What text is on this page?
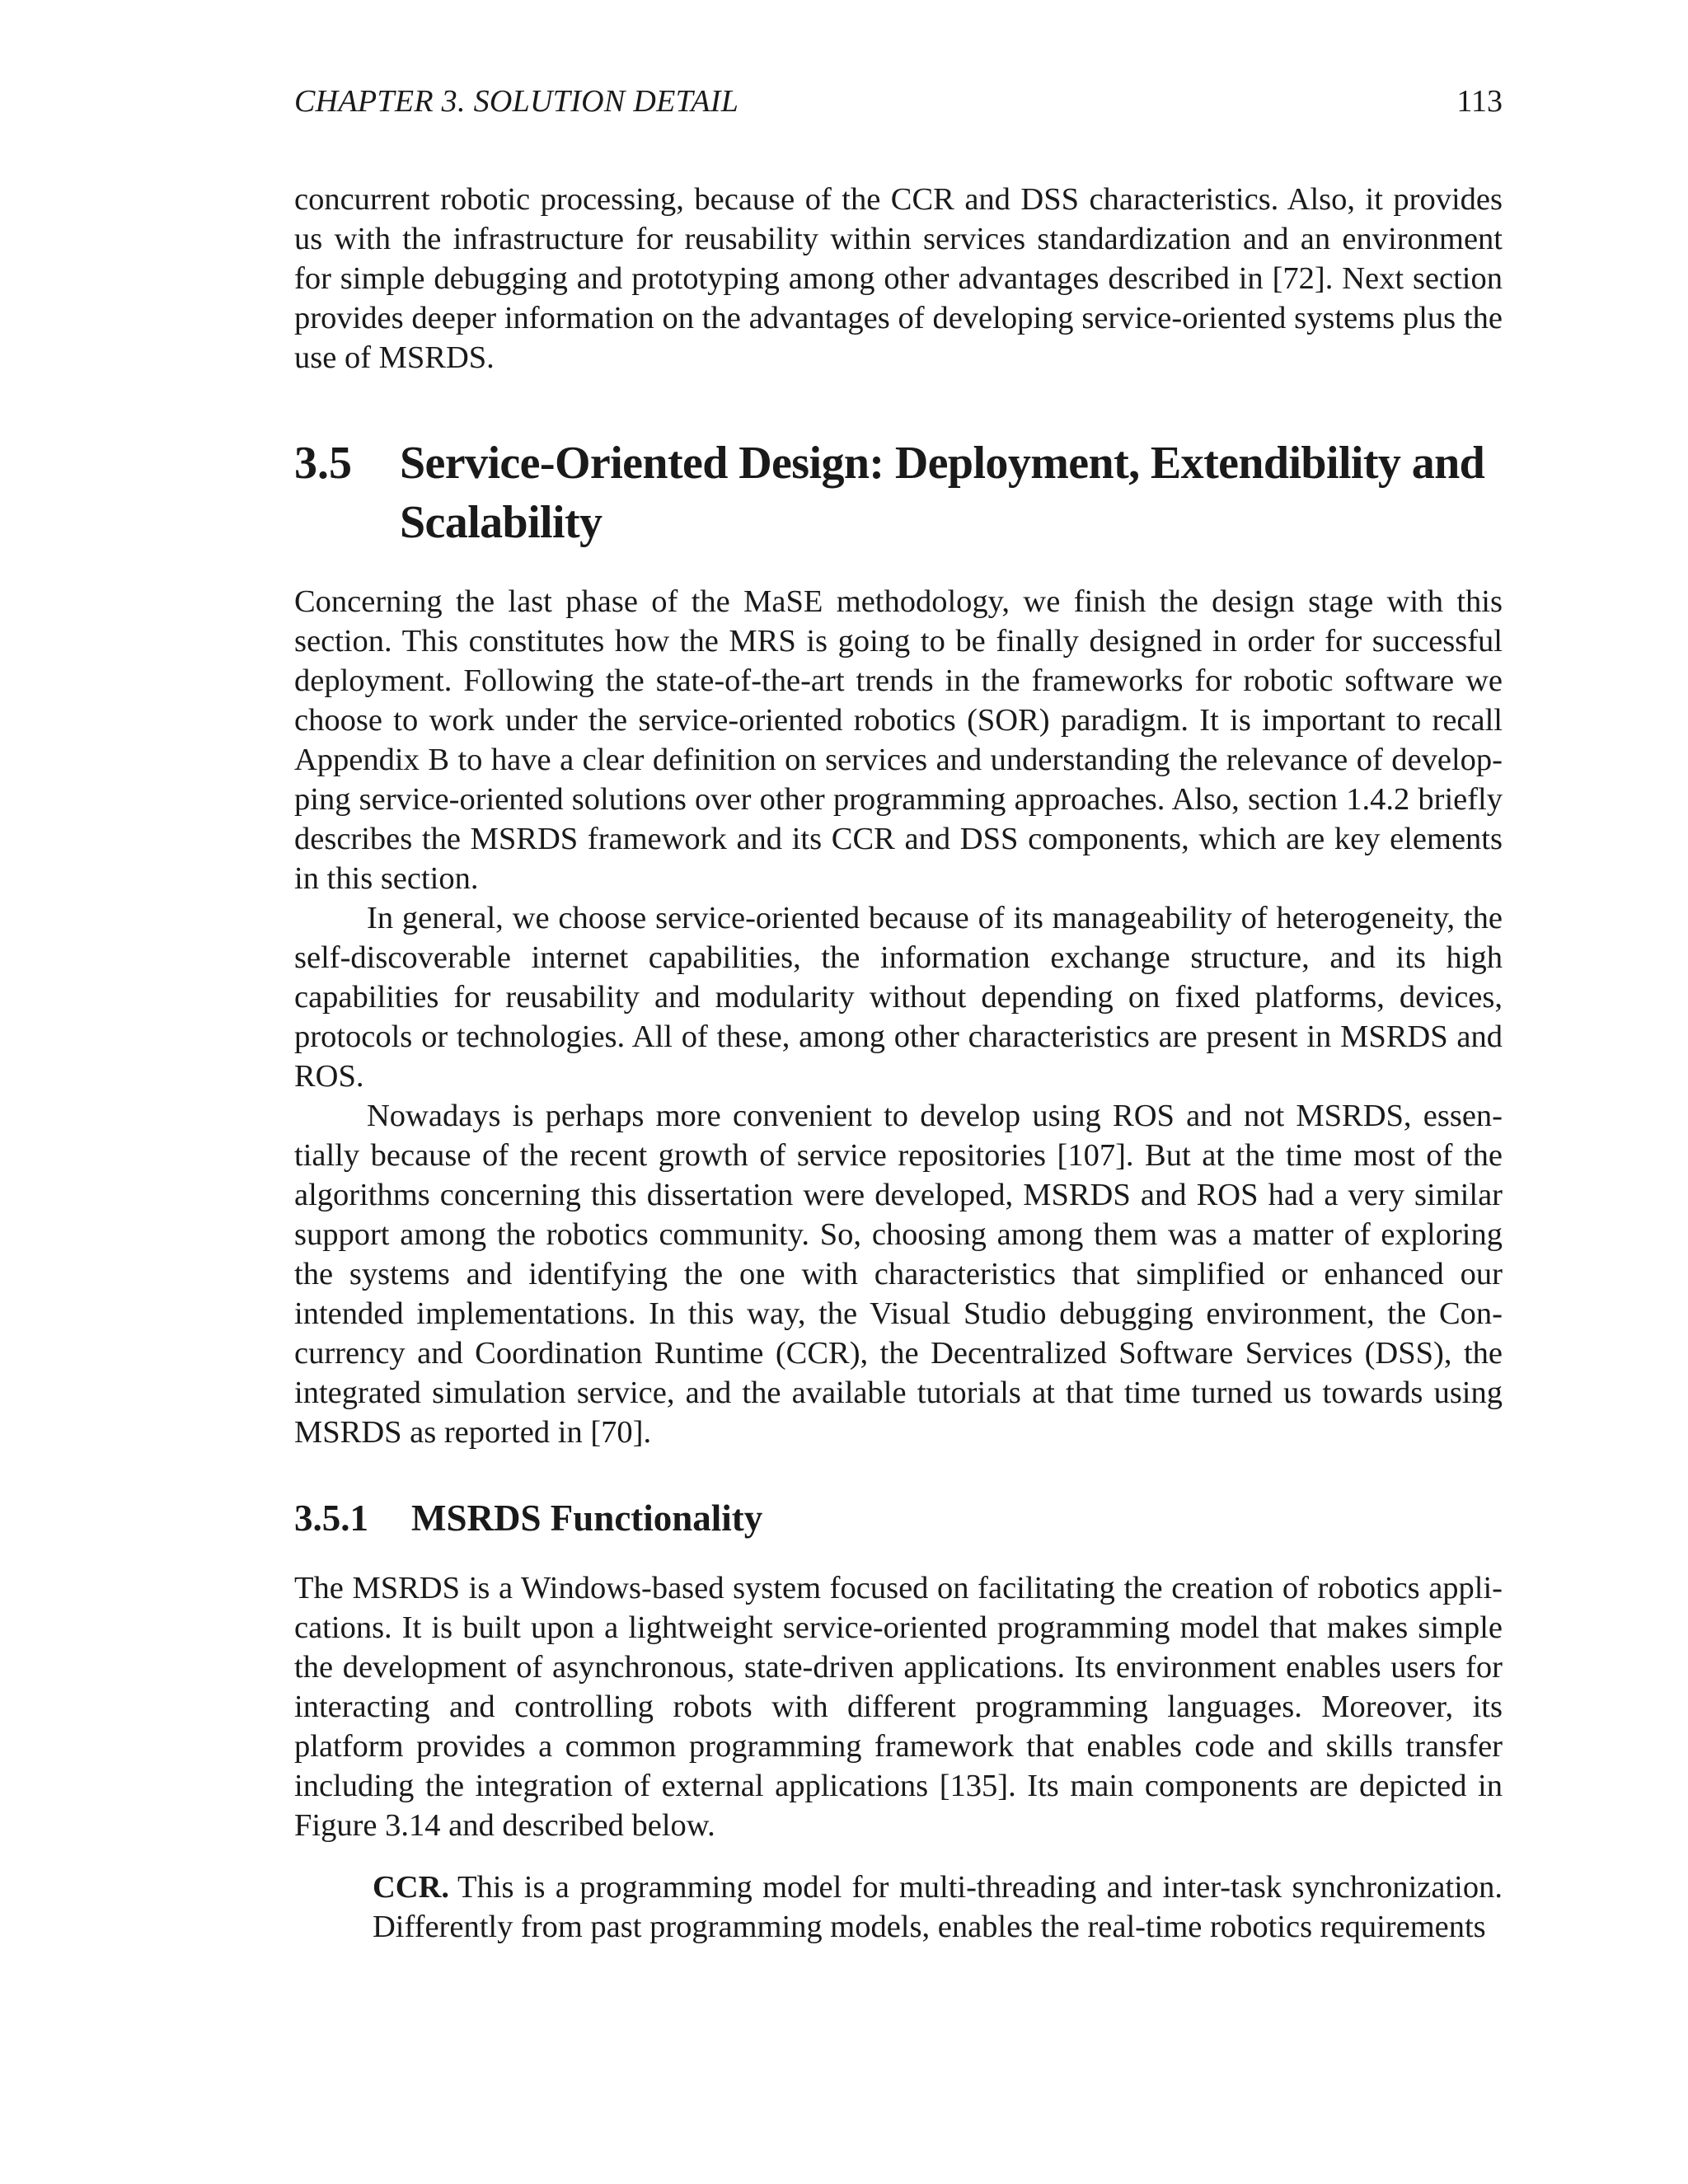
CHAPTER 3. SOLUTION DETAIL	113

concurrent robotic processing, because of the CCR and DSS characteristics. Also, it provides us with the infrastructure for reusability within services standardization and an environment for simple debugging and prototyping among other advantages described in [72]. Next section provides deeper information on the advantages of developing service-oriented systems plus the use of MSRDS.

3.5 Service-Oriented Design: Deployment, Extendibility and Scalability

Concerning the last phase of the MaSE methodology, we finish the design stage with this section. This constitutes how the MRS is going to be finally designed in order for successful deployment. Following the state-of-the-art trends in the frameworks for robotic software we choose to work under the service-oriented robotics (SOR) paradigm. It is important to recall Appendix B to have a clear definition on services and understanding the relevance of developping service-oriented solutions over other programming approaches. Also, section 1.4.2 briefly describes the MSRDS framework and its CCR and DSS components, which are key elements in this section.

In general, we choose service-oriented because of its manageability of heterogeneity, the self-discoverable internet capabilities, the information exchange structure, and its high capabilities for reusability and modularity without depending on fixed platforms, devices, protocols or technologies. All of these, among other characteristics are present in MSRDS and ROS.

Nowadays is perhaps more convenient to develop using ROS and not MSRDS, essentially because of the recent growth of service repositories [107]. But at the time most of the algorithms concerning this dissertation were developed, MSRDS and ROS had a very similar support among the robotics community. So, choosing among them was a matter of exploring the systems and identifying the one with characteristics that simplified or enhanced our intended implementations. In this way, the Visual Studio debugging environment, the Concurrency and Coordination Runtime (CCR), the Decentralized Software Services (DSS), the integrated simulation service, and the available tutorials at that time turned us towards using MSRDS as reported in [70].

3.5.1 MSRDS Functionality

The MSRDS is a Windows-based system focused on facilitating the creation of robotics applications. It is built upon a lightweight service-oriented programming model that makes simple the development of asynchronous, state-driven applications. Its environment enables users for interacting and controlling robots with different programming languages. Moreover, its platform provides a common programming framework that enables code and skills transfer including the integration of external applications [135]. Its main components are depicted in Figure 3.14 and described below.

CCR. This is a programming model for multi-threading and inter-task synchronization. Differently from past programming models, enables the real-time robotics requirements
